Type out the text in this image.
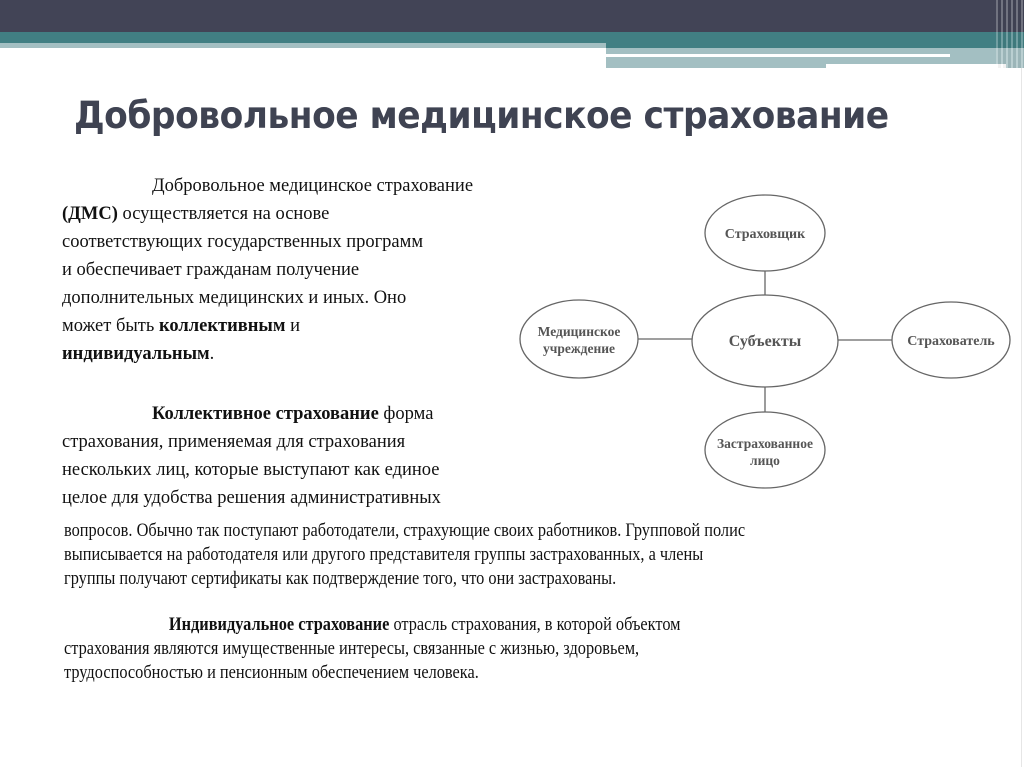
Добровольное медицинское страхование
Добровольное медицинское страхование
(ДМС) осуществляется на основе
соответствующих государственных программ
и обеспечивает гражданам получение
дополнительных медицинских и иных. Оно
может быть коллективным и
индивидуальным.
Коллективное страхование форма
страхования, применяемая для страхования
нескольких лиц, которые выступают как единое
целое для удобства решения административных
вопросов. Обычно так поступают работодатели, страхующие своих работников. Групповой полис
выписывается на работодателя или другого представителя группы застрахованных, а члены
группы получают сертификаты как подтверждение того, что они застрахованы.
Индивидуальное страхование отрасль страхования, в которой объектом
страхования являются имущественные интересы, связанные с жизнью, здоровьем,
трудоспособностью и пенсионным обеспечением человека.
Страховщик
Субъекты
Медицинское
учреждение	Страхователь
Застрахованное
лицо
